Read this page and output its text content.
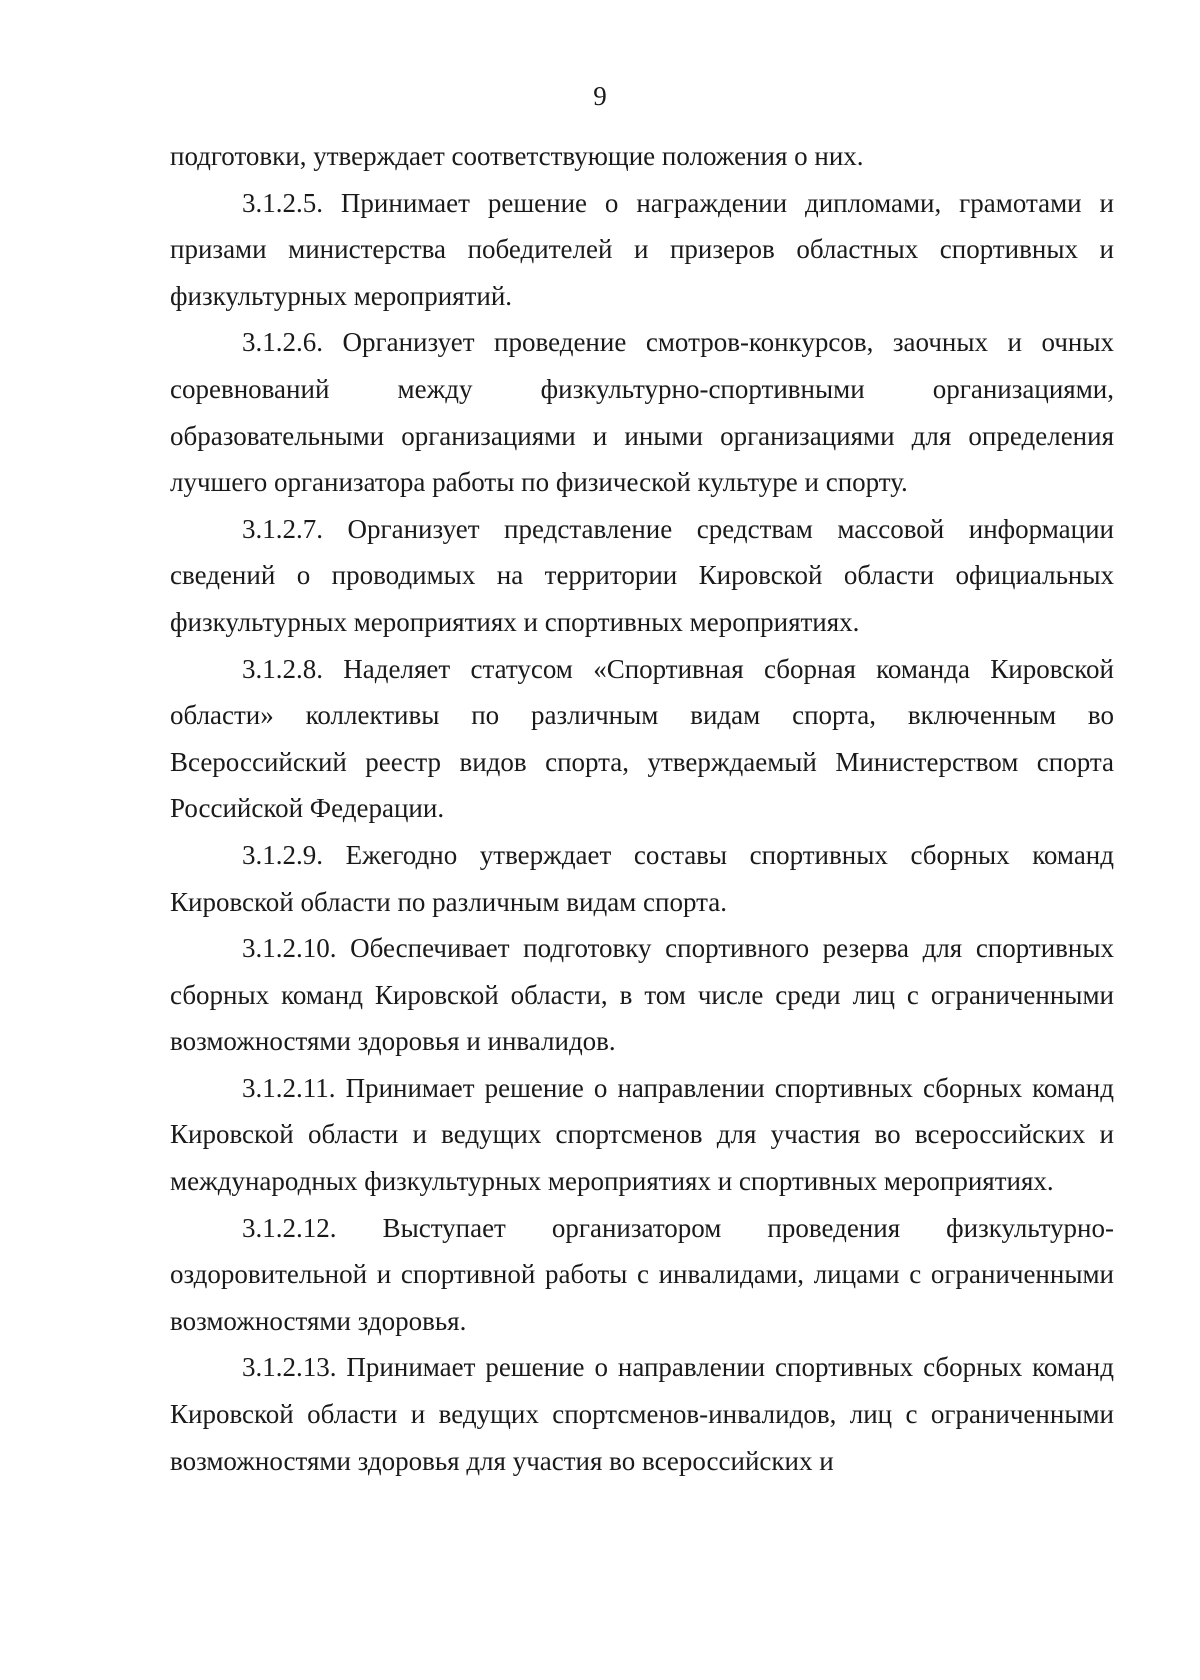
9

подготовки, утверждает соответствующие положения о них.

3.1.2.5. Принимает решение о награждении дипломами, грамотами и призами министерства победителей и призеров областных спортивных и физкультурных мероприятий.

3.1.2.6. Организует проведение смотров-конкурсов, заочных и очных соревнований между физкультурно-спортивными организациями, образовательными организациями и иными организациями для определения лучшего организатора работы по физической культуре и спорту.

3.1.2.7. Организует представление средствам массовой информации сведений о проводимых на территории Кировской области официальных физкультурных мероприятиях и спортивных мероприятиях.

3.1.2.8. Наделяет статусом «Спортивная сборная команда Кировской области» коллективы по различным видам спорта, включенным во Всероссийский реестр видов спорта, утверждаемый Министерством спорта Российской Федерации.

3.1.2.9. Ежегодно утверждает составы спортивных сборных команд Кировской области по различным видам спорта.

3.1.2.10. Обеспечивает подготовку спортивного резерва для спортивных сборных команд Кировской области, в том числе среди лиц с ограниченными возможностями здоровья и инвалидов.

3.1.2.11. Принимает решение о направлении спортивных сборных команд Кировской области и ведущих спортсменов для участия во всероссийских и международных физкультурных мероприятиях и спортивных мероприятиях.

3.1.2.12. Выступает организатором проведения физкультурно-оздоровительной и спортивной работы с инвалидами, лицами с ограниченными возможностями здоровья.

3.1.2.13. Принимает решение о направлении спортивных сборных команд Кировской области и ведущих спортсменов-инвалидов, лиц с ограниченными возможностями здоровья для участия во всероссийских и
